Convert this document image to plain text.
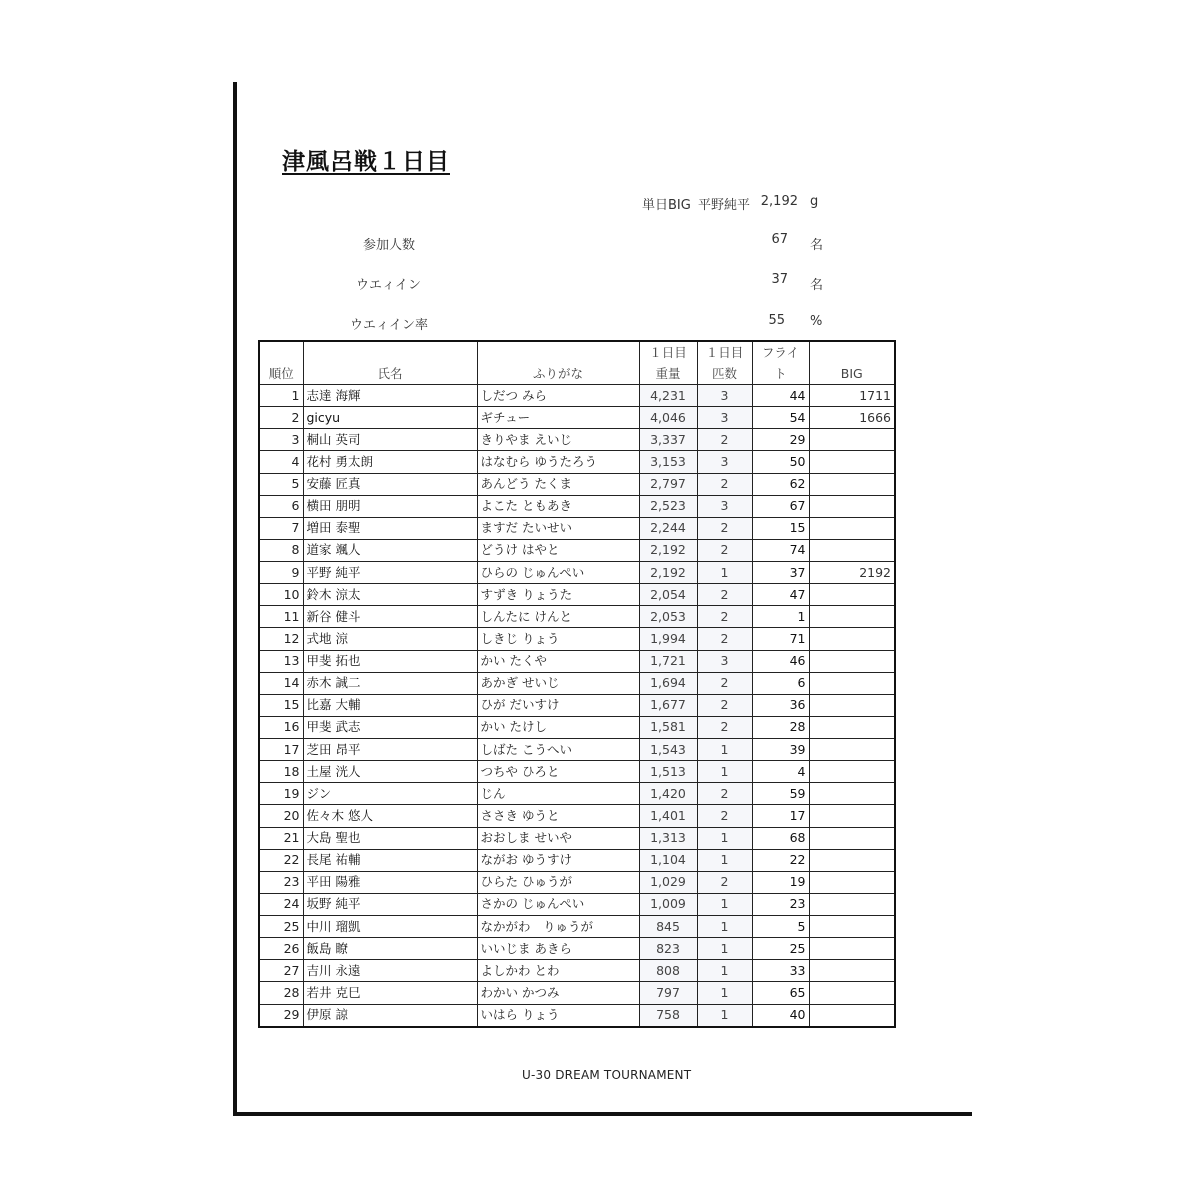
津風呂戦１日目
単日BIG 平野純平 2,192 g
参加人数	67 名
ウエィイン	37 名
ウエィイン率	55 %
順位	氏名	ふりがな	１日目	１日目	フライ	BIG
			重量	匹数	ト	
1	志達 海輝	しだつ みら	4,231	3	44	1711
2	gicyu	ギチュー	4,046	3	54	1666
3	桐山 英司	きりやま えいじ	3,337	2	29	
4	花村 勇太朗	はなむら ゆうたろう	3,153	3	50	
5	安藤 匠真	あんどう たくま	2,797	2	62	
6	横田 朋明	よこた ともあき	2,523	3	67	
7	増田 泰聖	ますだ たいせい	2,244	2	15	
8	道家 颯人	どうけ はやと	2,192	2	74	
9	平野 純平	ひらの じゅんぺい	2,192	1	37	2192
10	鈴木 涼太	すずき りょうた	2,054	2	47	
11	新谷 健斗	しんたに けんと	2,053	2	1	
12	式地 涼	しきじ りょう	1,994	2	71	
13	甲斐 拓也	かい たくや	1,721	3	46	
14	赤木 誠二	あかぎ せいじ	1,694	2	6	
15	比嘉 大輔	ひが だいすけ	1,677	2	36	
16	甲斐 武志	かい たけし	1,581	2	28	
17	芝田 昂平	しばた こうへい	1,543	1	39	
18	土屋 洸人	つちや ひろと	1,513	1	4	
19	ジン	じん	1,420	2	59	
20	佐々木 悠人	ささき ゆうと	1,401	2	17	
21	大島 聖也	おおしま せいや	1,313	1	68	
22	長尾 祐輔	ながお ゆうすけ	1,104	1	22	
23	平田 陽雅	ひらた ひゅうが	1,029	2	19	
24	坂野 純平	さかの じゅんぺい	1,009	1	23	
25	中川 瑠凱	なかがわ　りゅうが	845	1	5	
26	飯島 瞭	いいじま あきら	823	1	25	
27	吉川 永遠	よしかわ とわ	808	1	33	
28	若井 克巳	わかい かつみ	797	1	65	
29	伊原 諒	いはら りょう	758	1	40	
U-30 DREAM TOURNAMENT
